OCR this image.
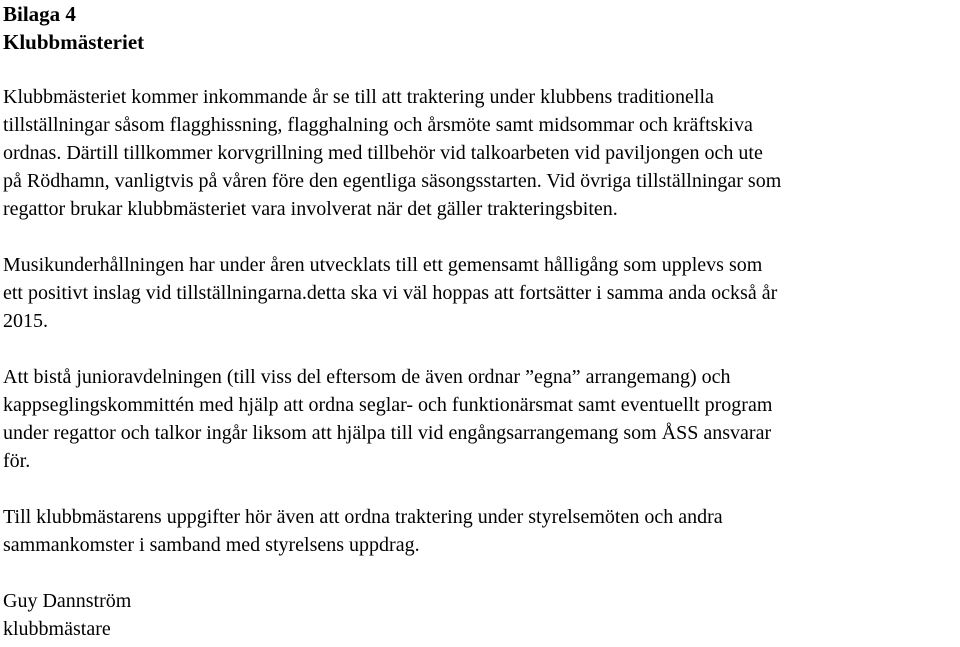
Bilaga 4
Klubbmästeriet
Klubbmästeriet kommer inkommande år se till att traktering under klubbens traditionella
tillställningar såsom flagghissning, flagghalning och årsmöte samt midsommar och kräftskiva
ordnas. Därtill tillkommer korvgrillning med tillbehör vid talkoarbeten vid paviljongen och ute
på Rödhamn, vanligtvis på våren före den egentliga säsongsstarten. Vid övriga tillställningar som
regattor brukar klubbmästeriet vara involverat när det gäller trakteringsbiten.
Musikunderhållningen har under åren utvecklats till ett gemensamt hålligång som upplevs som
ett positivt inslag vid tillställningarna.detta ska vi väl hoppas att fortsätter i samma anda också år
2015.
Att bistå junioravdelningen (till viss del eftersom de även ordnar ”egna” arrangemang) och
kappseglingskommittén med hjälp att ordna seglar- och funktionärsmat samt eventuellt program
under regattor och talkor ingår liksom att hjälpa till vid engångsarrangemang som ÅSS ansvarar
för.
Till klubbmästarens uppgifter hör även att ordna traktering under styrelsemöten och andra
sammankomster i samband med styrelsens uppdrag.
Guy Dannström
klubbmästare
